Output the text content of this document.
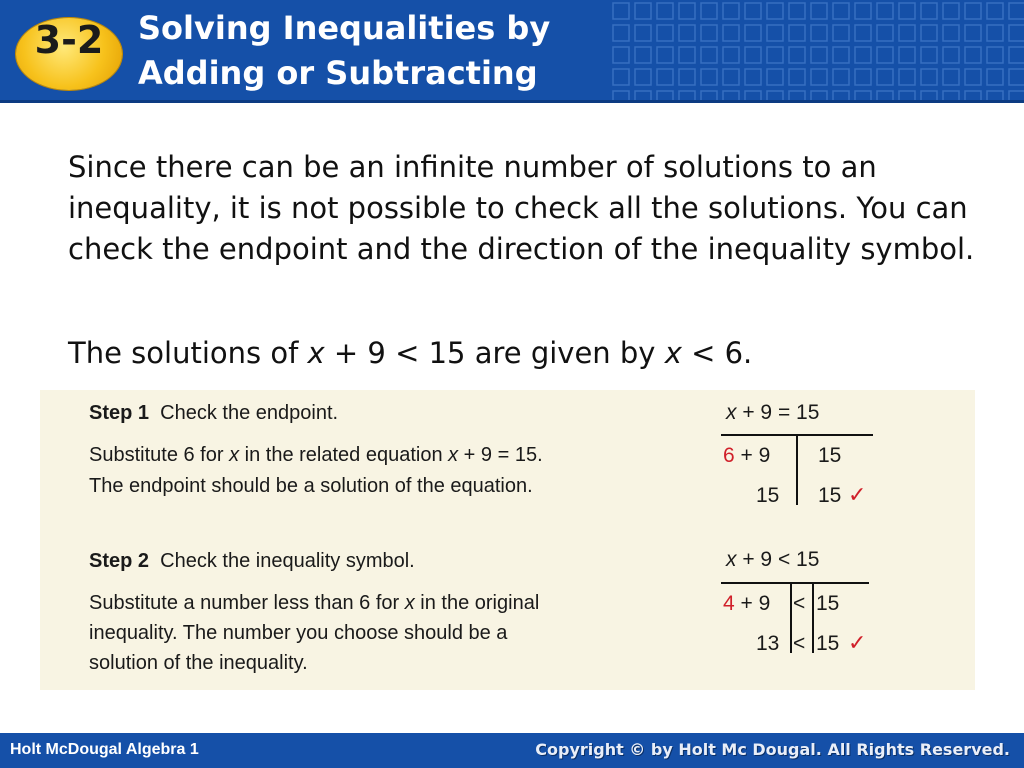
3-2	Solving Inequalities by
Adding or Subtracting

Since there can be an infinite number of solutions to an inequality, it is not possible to check all the solutions. You can check the endpoint and the direction of the inequality symbol.

The solutions of x + 9 < 15 are given by x < 6.

Step 1 Check the endpoint.
Substitute 6 for x in the related equation x + 9 = 15.
The endpoint should be a solution of the equation.
x + 9 = 15
6 + 9 15
15 15 ✓
Step 2 Check the inequality symbol.
Substitute a number less than 6 for x in the original
inequality. The number you choose should be a
solution of the inequality.
x + 9 < 15
4 + 9 < 15
13 < 15 ✓
Holt McDougal Algebra 1	Copyright © by Holt Mc Dougal. All Rights Reserved.
